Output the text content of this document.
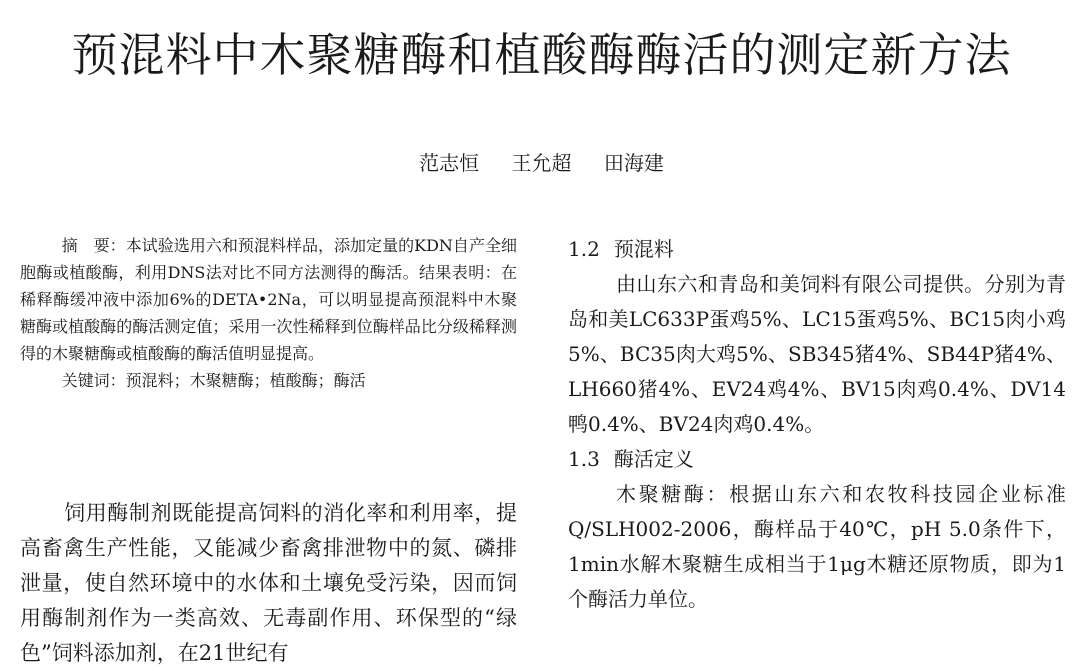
预混料中木聚糖酶和植酸酶酶活的测定新方法
范志恒 王允超 田海建

摘　要：本试验选用六和预混料样品，添加定量的KDN自产全细胞酶或植酸酶，利用DNS法对比不同方法测得的酶活。结果表明：在稀释酶缓冲液中添加6%的DETA•2Na，可以明显提高预混料中木聚糖酶或植酸酶的酶活测定值；采用一次性稀释到位酶样品比分级稀释测得的木聚糖酶或植酸酶的酶活值明显提高。

关键词：预混料；木聚糖酶；植酸酶；酶活

饲用酶制剂既能提高饲料的消化率和利用率，提高畜禽生产性能，又能减少畜禽排泄物中的氮、磷排泄量，使自然环境中的水体和土壤免受污染，因而饲用酶制剂作为一类高效、无毒副作用、环保型的“绿色”饲料添加剂，在21世纪有

1.2 预混料

由山东六和青岛和美饲料有限公司提供。分别为青岛和美LC633P蛋鸡5%、LC15蛋鸡5%、BC15肉小鸡5%、BC35肉大鸡5%、SB345猪4%、SB44P猪4%、LH660猪4%、EV24鸡4%、BV15肉鸡0.4%、DV14鸭0.4%、BV24肉鸡0.4%。

1.3 酶活定义

木聚糖酶：根据山东六和农牧科技园企业标准Q/SLH002-2006，酶样品于40℃，pH 5.0条件下，1min水解木聚糖生成相当于1μg木糖还原物质，即为1个酶活力单位。
